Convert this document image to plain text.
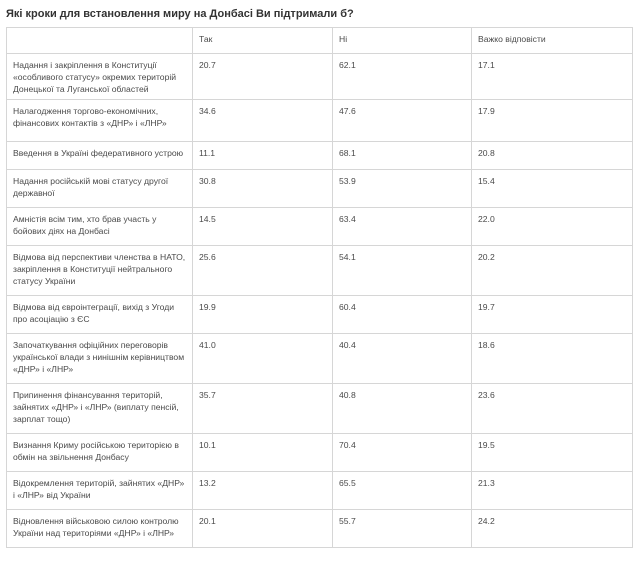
Які кроки для встановлення миру на Донбасі Ви підтримали б?
	Так	Ні	Важко відповісти
Надання і закріплення в Конституції «особливого статусу» окремих територій Донецької та Луганської областей	20.7	62.1	17.1
Налагодження торгово-економічних, фінансових контактів з «ДНР» і «ЛНР»	34.6	47.6	17.9
Введення в Україні федеративного устрою	11.1	68.1	20.8
Надання російській мові статусу другої державної	30.8	53.9	15.4
Амністія всім тим, хто брав участь у бойових діях на Донбасі	14.5	63.4	22.0
Відмова від перспективи членства в НАТО, закріплення в Конституції нейтрального статусу України	25.6	54.1	20.2
Відмова від євроінтеграції, вихід з Угоди про асоціацію з ЄС	19.9	60.4	19.7
Започаткування офіційних переговорів української влади з нинішнім керівництвом «ДНР» і «ЛНР»	41.0	40.4	18.6
Припинення фінансування територій, зайнятих «ДНР» і «ЛНР» (виплату пенсій, зарплат тощо)	35.7	40.8	23.6
Визнання Криму російською територією в обмін на звільнення Донбасу	10.1	70.4	19.5
Відокремлення територій, зайнятих «ДНР» і «ЛНР» від України	13.2	65.5	21.3
Відновлення військовою силою контролю України над територіями «ДНР» і «ЛНР»	20.1	55.7	24.2
